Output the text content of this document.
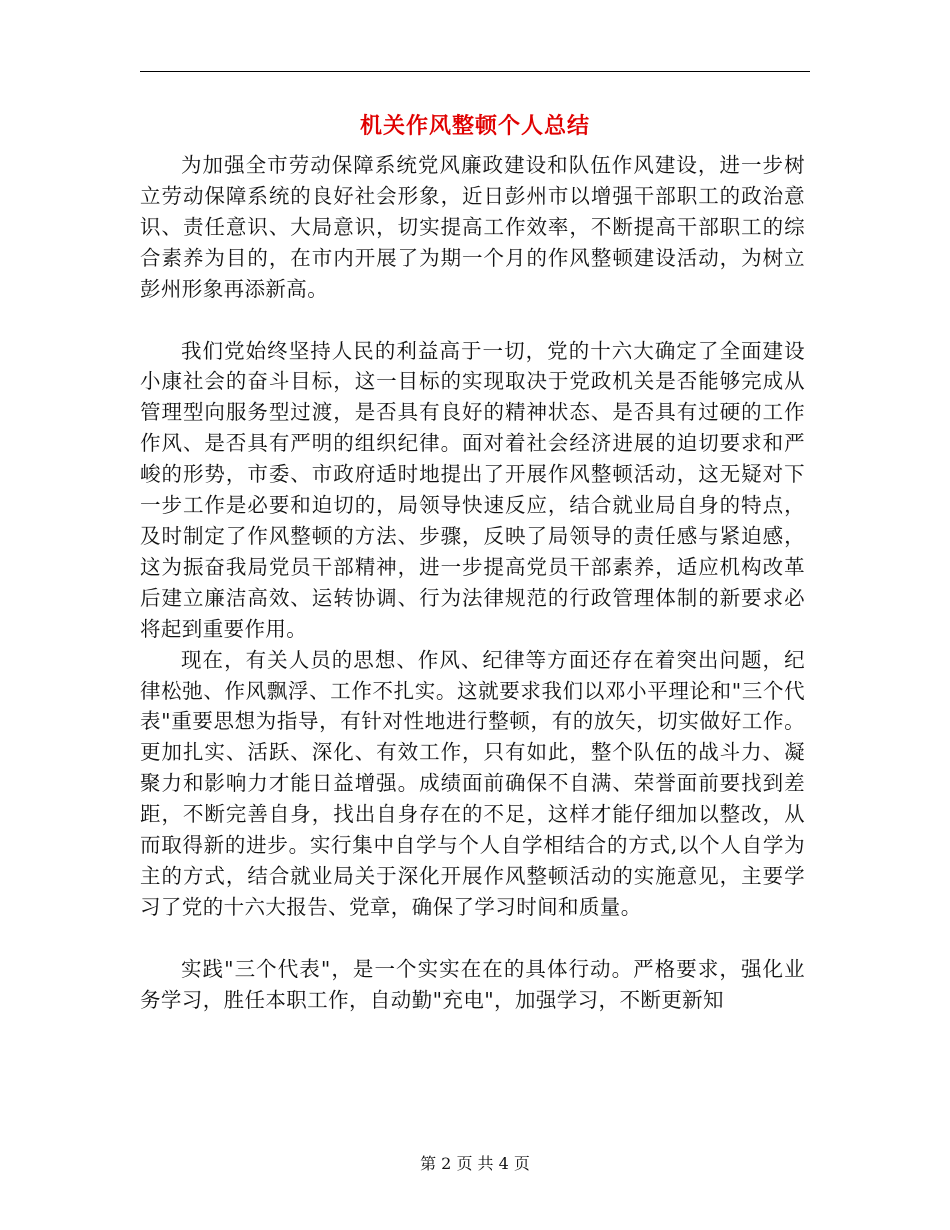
机关作风整顿个人总结

为加强全市劳动保障系统党风廉政建设和队伍作风建设，进一步树立劳动保障系统的良好社会形象，近日彭州市以增强干部职工的政治意识、责任意识、大局意识，切实提高工作效率，不断提高干部职工的综合素养为目的，在市内开展了为期一个月的作风整顿建设活动，为树立彭州形象再添新高。

我们党始终坚持人民的利益高于一切，党的十六大确定了全面建设小康社会的奋斗目标，这一目标的实现取决于党政机关是否能够完成从管理型向服务型过渡，是否具有良好的精神状态、是否具有过硬的工作作风、是否具有严明的组织纪律。面对着社会经济进展的迫切要求和严峻的形势，市委、市政府适时地提出了开展作风整顿活动，这无疑对下一步工作是必要和迫切的，局领导快速反应，结合就业局自身的特点，及时制定了作风整顿的方法、步骤，反映了局领导的责任感与紧迫感，这为振奋我局党员干部精神，进一步提高党员干部素养，适应机构改革后建立廉洁高效、运转协调、行为法律规范的行政管理体制的新要求必将起到重要作用。

现在，有关人员的思想、作风、纪律等方面还存在着突出问题，纪律松弛、作风飘浮、工作不扎实。这就要求我们以邓小平理论和"三个代表"重要思想为指导，有针对性地进行整顿，有的放矢，切实做好工作。更加扎实、活跃、深化、有效工作，只有如此，整个队伍的战斗力、凝聚力和影响力才能日益增强。成绩面前确保不自满、荣誉面前要找到差距，不断完善自身，找出自身存在的不足，这样才能仔细加以整改，从而取得新的进步。实行集中自学与个人自学相结合的方式,以个人自学为主的方式，结合就业局关于深化开展作风整顿活动的实施意见，主要学习了党的十六大报告、党章，确保了学习时间和质量。

实践"三个代表"，是一个实实在在的具体行动。严格要求，强化业务学习，胜任本职工作，自动勤"充电"，加强学习，不断更新知

第 2 页 共 4 页
